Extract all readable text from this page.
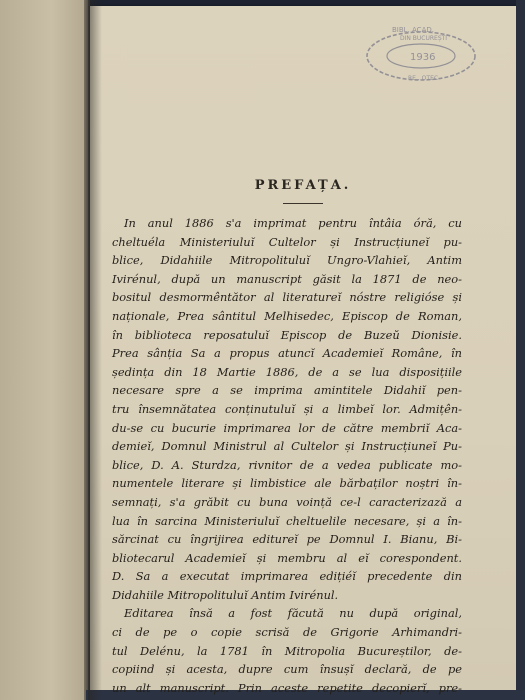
BIBL. ACAD.
DIN BUCUREȘTI
1936
RE...OTEC
PREFAȚA.
In anul 1886 s'a imprimat pentru întâia óră, cu
cheltuéla Ministeriuluĭ Cultelor și Instrucțiuneĭ pu-
blice, Didahiile Mitropolituluĭ Ungro-Vlahieĭ, Antim
Ivirénul, după un manuscript găsit la 1871 de neo-
bositul desmormêntător al literatureĭ nóstre religióse și
naționale, Prea sântitul Melhisedec, Episcop de Roman,
în biblioteca reposatuluĭ Episcop de Buzeŭ Dionisie.
Prea sânția Sa a propus atuncĭ Academieĭ Române, în
ședința din 18 Martie 1886, de a se lua disposițiile
necesare spre a se imprima amintitele Didahiĭ pen-
tru însemnătatea conținutuluĭ și a limbeĭ lor. Admițên-
du-se cu bucurie imprimarea lor de către membriĭ Aca-
demieĭ, Domnul Ministrul al Cultelor și Instrucțiuneĭ Pu-
blice, D. A. Sturdza, rivnitor de a vedea publicate mo-
numentele literare și limbistice ale bărbaților noștri în-
semnați, s'a grăbit cu buna voință ce-l caracterizază a
lua în sarcina Ministeriuluĭ cheltuelile necesare, și a în-
sărcinat cu îngrijirea editureĭ pe Domnul I. Bianu, Bi-
bliotecarul Academieĭ și membru al eĭ corespondent.
D. Sa a executat imprimarea edițiéĭ precedente din
Didahiile Mitropolituluĭ Antim Ivirénul.
Editarea însă a fost făcută nu după original,
ci de pe o copie scrisă de Grigorie Arhimandri-
tul Delénu, la 1781 în Mitropolia Bucureștilor, de-
copiind și acesta, dupre cum însușĭ declară, de pe
un alt manuscript. Prin aceste repetite decopierĭ, pre-
